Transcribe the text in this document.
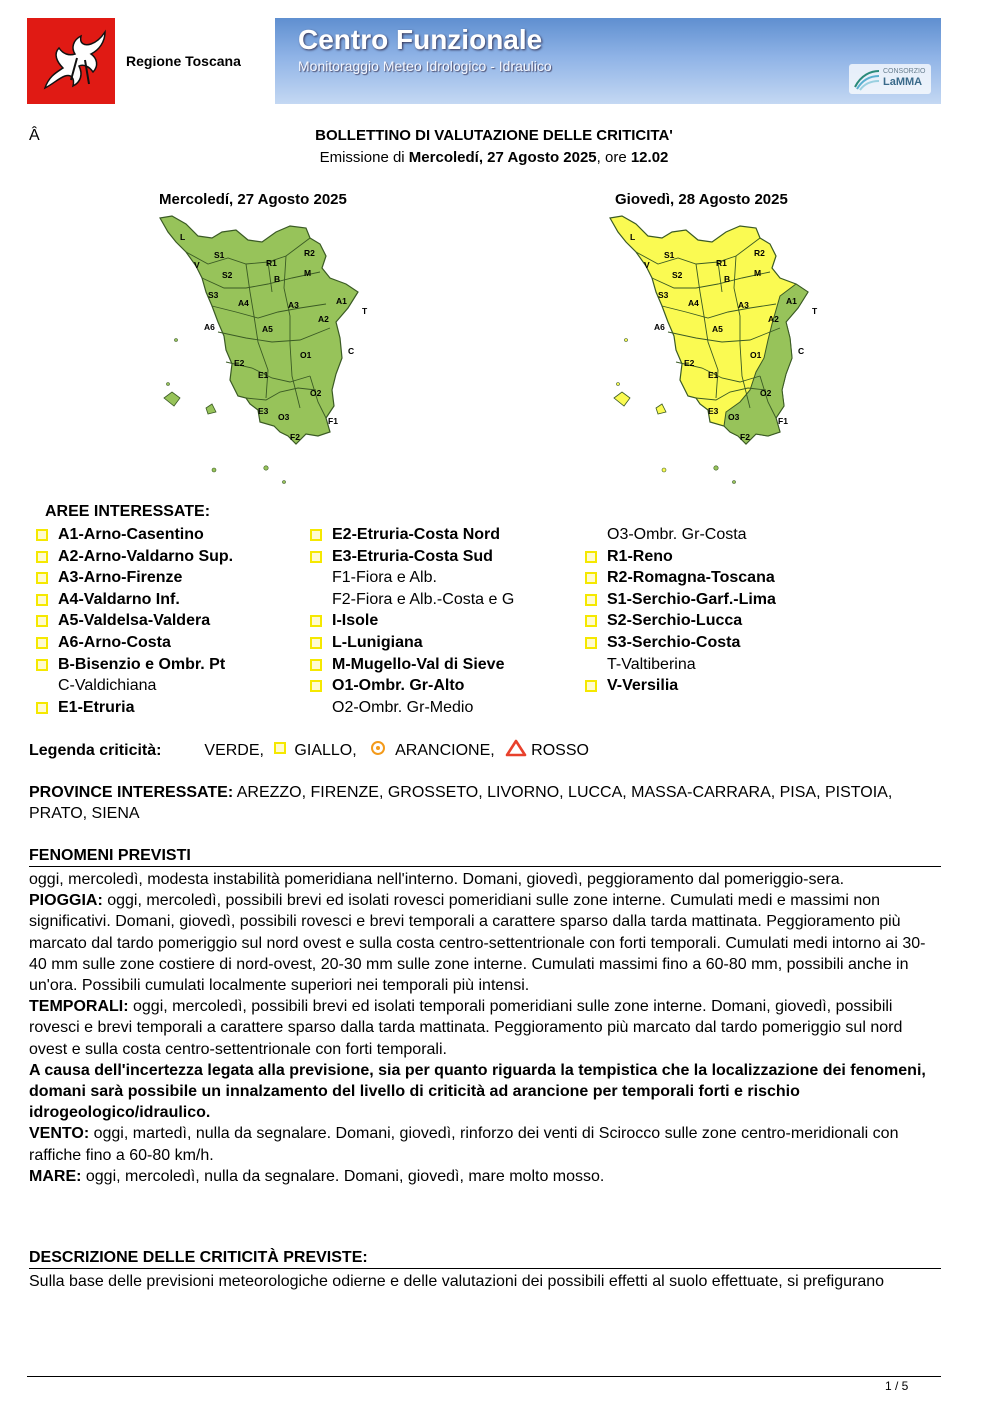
Regione Toscana
Centro Funzionale
Monitoraggio Meteo Idrologico - Idraulico	CONSORZIO
LaMMA
Â	BOLLETTINO DI VALUTAZIONE DELLE CRITICITA'
Emissione di Mercoledí, 27 Agosto 2025, ore 12.02
Mercoledí, 27 Agosto 2025	Giovedì, 28 Agosto 2025
L
S1
V
S2
S3
R1
R2
B
M
A4	A3	A1
A6	A5
A2
T
O1	C
E2
E1
O2
E3
O3	F1
F2
L
S1
V
S2
S3
R1
R2
B
M
A4	A3	A1
A6	A5
A2
T
O1	C
E2
E1
O2
E3
O3	F1
F2
AREE INTERESSATE:
A1-Arno-Casentino
A2-Arno-Valdarno Sup.
A3-Arno-Firenze
A4-Valdarno Inf.
A5-Valdelsa-Valdera
A6-Arno-Costa
B-Bisenzio e Ombr. Pt
C-Valdichiana
E1-Etruria
E2-Etruria-Costa Nord
E3-Etruria-Costa Sud
F1-Fiora e Alb.
F2-Fiora e Alb.-Costa e G
I-Isole
L-Lunigiana
M-Mugello-Val di Sieve
O1-Ombr. Gr-Alto
O2-Ombr. Gr-Medio
O3-Ombr. Gr-Costa
R1-Reno
R2-Romagna-Toscana
S1-Serchio-Garf.-Lima
S2-Serchio-Lucca
S3-Serchio-Costa
T-Valtiberina
V-Versilia
Legenda criticità:	VERDE, GIALLO, ARANCIONE, ROSSO
PROVINCE INTERESSATE: AREZZO, FIRENZE, GROSSETO, LIVORNO, LUCCA, MASSA-CARRARA, PISA, PISTOIA, PRATO, SIENA
FENOMENI PREVISTI
oggi, mercoledì, modesta instabilità pomeridiana nell'interno. Domani, giovedì, peggioramento dal pomeriggio-sera.
PIOGGIA: oggi, mercoledì, possibili brevi ed isolati rovesci pomeridiani sulle zone interne. Cumulati medi e massimi non significativi. Domani, giovedì, possibili rovesci e brevi temporali a carattere sparso dalla tarda mattinata. Peggioramento più marcato dal tardo pomeriggio sul nord ovest e sulla costa centro-settentrionale con forti temporali. Cumulati medi intorno ai 30-40 mm sulle zone costiere di nord-ovest, 20-30 mm sulle zone interne. Cumulati massimi fino a 60-80 mm, possibili anche in un'ora. Possibili cumulati localmente superiori nei temporali più intensi.
TEMPORALI: oggi, mercoledì, possibili brevi ed isolati temporali pomeridiani sulle zone interne. Domani, giovedì, possibili rovesci e brevi temporali a carattere sparso dalla tarda mattinata. Peggioramento più marcato dal tardo pomeriggio sul nord ovest e sulla costa centro-settentrionale con forti temporali.
A causa dell'incertezza legata alla previsione, sia per quanto riguarda la tempistica che la localizzazione dei fenomeni, domani sarà possibile un innalzamento del livello di criticità ad arancione per temporali forti e rischio idrogeologico/idraulico.
VENTO: oggi, martedì, nulla da segnalare. Domani, giovedì, rinforzo dei venti di Scirocco sulle zone centro-meridionali con raffiche fino a 60-80 km/h.
MARE: oggi, mercoledì, nulla da segnalare. Domani, giovedì, mare molto mosso.
DESCRIZIONE DELLE CRITICITÀ PREVISTE:
Sulla base delle previsioni meteorologiche odierne e delle valutazioni dei possibili effetti al suolo effettuate, si prefigurano
1 / 5
